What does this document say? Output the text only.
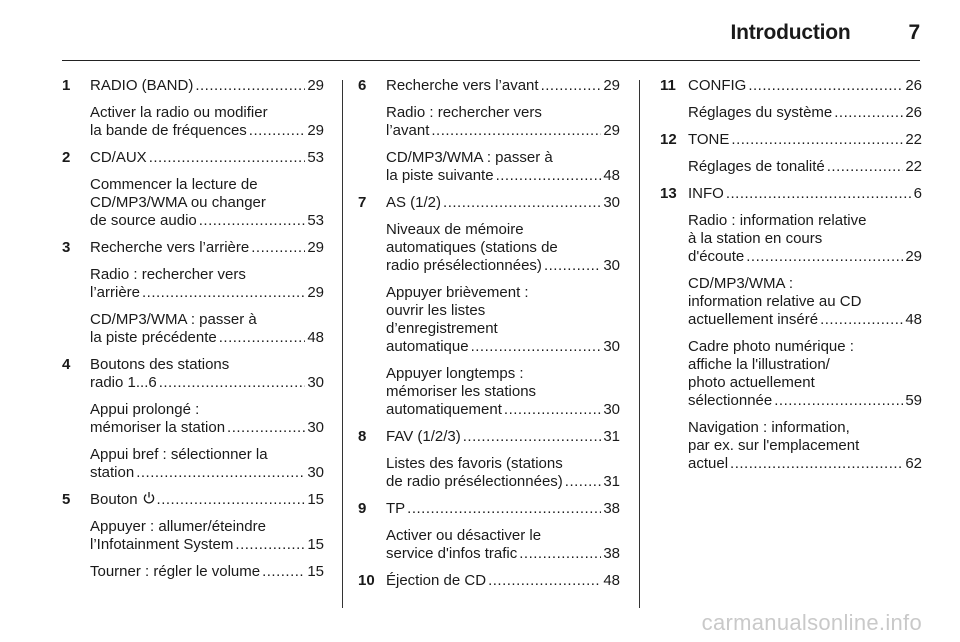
Introduction	7
1	RADIO (BAND) .....	29
Activer la radio ou modifier
la bande de fréquences .....	29
2	CD/AUX .....	53
Commencer la lecture de
CD/MP3/WMA ou changer
de source audio .....	53
3	Recherche vers l’arrière .....	29
Radio : rechercher vers
l’arrière .....	29
CD/MP3/WMA : passer à
la piste précédente .....	48
4	Boutons des stations
radio 1...6 .....	30
Appui prolongé :
mémoriser la station .....	30
Appui bref : sélectionner la
station .....	30
5	Bouton .....	15
Appuyer : allumer/éteindre
l’Infotainment System .....	15
Tourner : régler le volume .....	15
6	Recherche vers l’avant .....	29
Radio : rechercher vers
l’avant .....	29
CD/MP3/WMA : passer à
la piste suivante .....	48
7	AS (1/2) .....	30
Niveaux de mémoire
automatiques (stations de
radio présélectionnées) .....	30
Appuyer brièvement :
ouvrir les listes
d’enregistrement
automatique .....	30
Appuyer longtemps :
mémoriser les stations
automatiquement .....	30
8	FAV (1/2/3) .....	31
Listes des favoris (stations
de radio présélectionnées) .....	31
9	TP .....	38
Activer ou désactiver le
service d'infos trafic .....	38
10 Éjection de CD .....	48
11 CONFIG .....	26
Réglages du système .....	26
12 TONE .....	22
Réglages de tonalité .....	22
13 INFO .....	6
Radio : information relative
à la station en cours
d'écoute .....	29
CD/MP3/WMA :
information relative au CD
actuellement inséré .....	48
Cadre photo numérique :
affiche la l'illustration/
photo actuellement
sélectionnée .....	59
Navigation : information,
par ex. sur l'emplacement
actuel .....	62
carmanualsonline.info
